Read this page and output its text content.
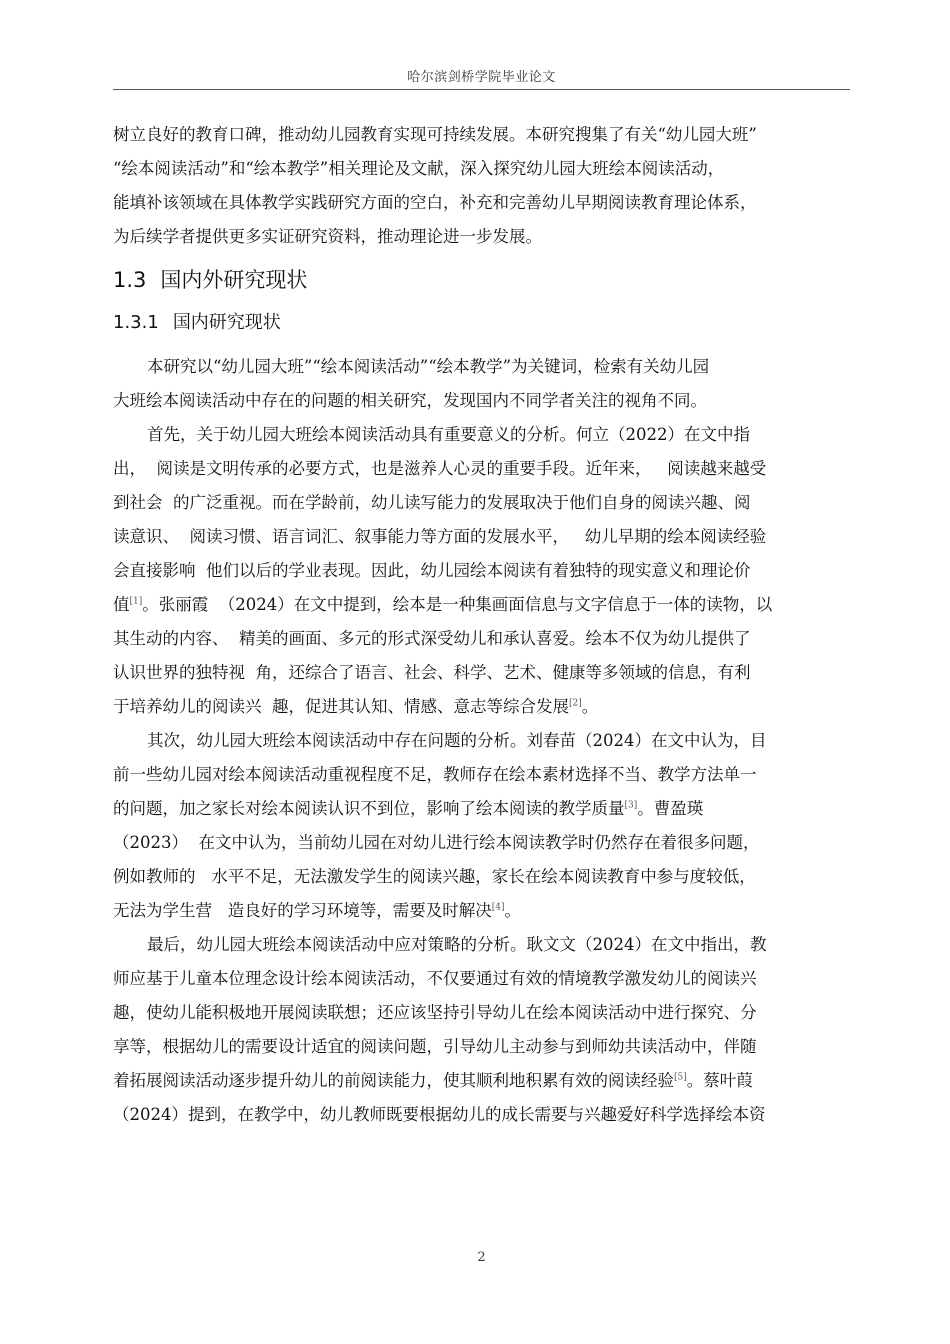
哈尔滨剑桥学院毕业论文
树立良好的教育口碑，推动幼儿园教育实现可持续发展。本研究搜集了有关“幼儿园大班”
“绘本阅读活动”和“绘本教学”相关理论及文献，深入探究幼儿园大班绘本阅读活动，
能填补该领域在具体教学实践研究方面的空白，补充和完善幼儿早期阅读教育理论体系，
为后续学者提供更多实证研究资料，推动理论进一步发展。
1.3 国内外研究现状
1.3.1 国内研究现状
本研究以“幼儿园大班”“绘本阅读活动”“绘本教学”为关键词，检索有关幼儿园
大班绘本阅读活动中存在的问题的相关研究，发现国内不同学者关注的视角不同。
首先，关于幼儿园大班绘本阅读活动具有重要意义的分析。何立（2022）在文中指
出，  阅读是文明传承的必要方式，也是滋养人心灵的重要手段。近年来，   阅读越来越受
到社会  的广泛重视。而在学龄前，幼儿读写能力的发展取决于他们自身的阅读兴趣、阅
读意识、  阅读习惯、语言词汇、叙事能力等方面的发展水平，   幼儿早期的绘本阅读经验
会直接影响  他们以后的学业表现。因此，幼儿园绘本阅读有着独特的现实意义和理论价
值[1]。张丽霞  （2024）在文中提到，绘本是一种集画面信息与文字信息于一体的读物，以
其生动的内容、  精美的画面、多元的形式深受幼儿和承认喜爱。绘本不仅为幼儿提供了
认识世界的独特视  角，还综合了语言、社会、科学、艺术、健康等多领域的信息，有利
于培养幼儿的阅读兴  趣，促进其认知、情感、意志等综合发展[2]。
其次，幼儿园大班绘本阅读活动中存在问题的分析。刘春苗（2024）在文中认为，目
前一些幼儿园对绘本阅读活动重视程度不足，教师存在绘本素材选择不当、教学方法单一
的问题，加之家长对绘本阅读认识不到位，影响了绘本阅读的教学质量[3]。曹盈瑛
（2023）  在文中认为，当前幼儿园在对幼儿进行绘本阅读教学时仍然存在着很多问题，
例如教师的   水平不足，无法激发学生的阅读兴趣，家长在绘本阅读教育中参与度较低，
无法为学生营   造良好的学习环境等，需要及时解决[4]。
最后，幼儿园大班绘本阅读活动中应对策略的分析。耿文文（2024）在文中指出，教
师应基于儿童本位理念设计绘本阅读活动，不仅要通过有效的情境教学激发幼儿的阅读兴
趣，使幼儿能积极地开展阅读联想；还应该坚持引导幼儿在绘本阅读活动中进行探究、分
享等，根据幼儿的需要设计适宜的阅读问题，引导幼儿主动参与到师幼共读活动中，伴随
着拓展阅读活动逐步提升幼儿的前阅读能力，使其顺利地积累有效的阅读经验[5]。蔡叶葭
（2024）提到，在教学中，幼儿教师既要根据幼儿的成长需要与兴趣爱好科学选择绘本资
2
